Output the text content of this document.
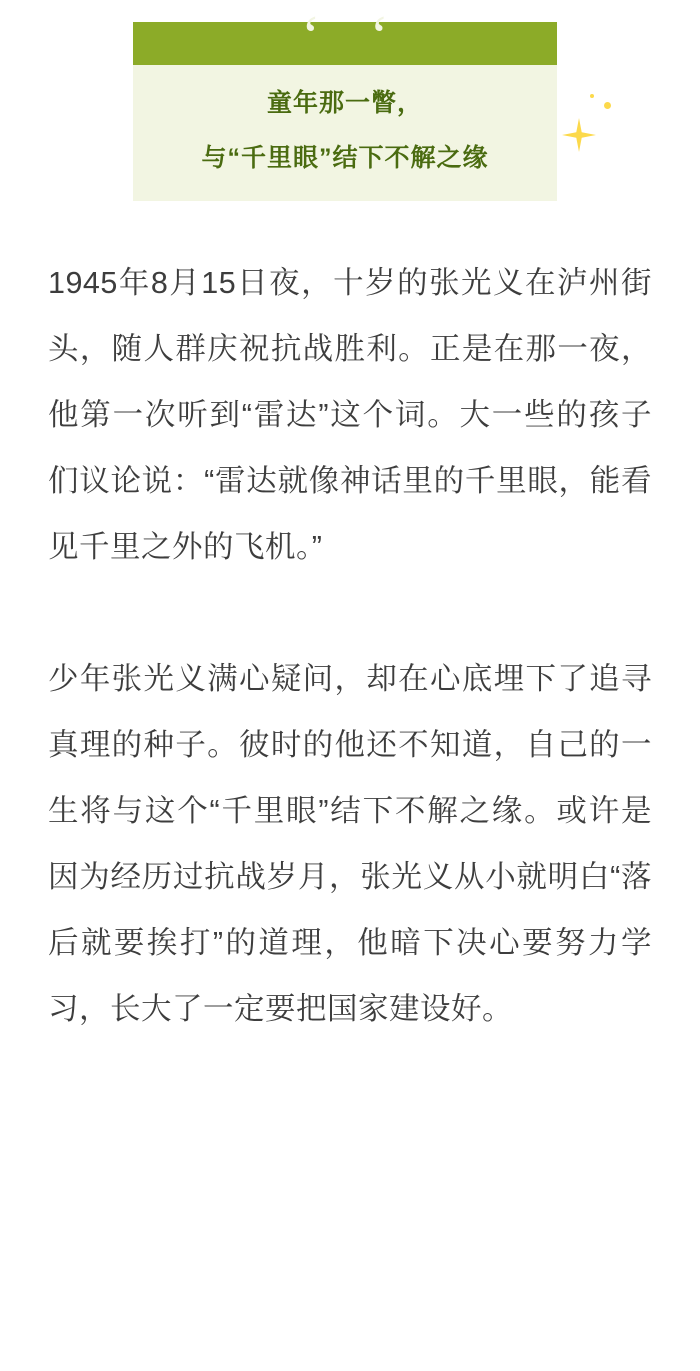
‘‘
童年那一瞥，
与“千里眼”结下不解之缘

1945年8月15日夜，十岁的张光义在泸州街头，随人群庆祝抗战胜利。正是在那一夜，他第一次听到“雷达”这个词。大一些的孩子们议论说：“雷达就像神话里的千里眼，能看见千里之外的飞机。”

少年张光义满心疑问，却在心底埋下了追寻真理的种子。彼时的他还不知道，自己的一生将与这个“千里眼”结下不解之缘。或许是因为经历过抗战岁月，张光义从小就明白“落后就要挨打”的道理，他暗下决心要努力学习，长大了一定要把国家建设好。
